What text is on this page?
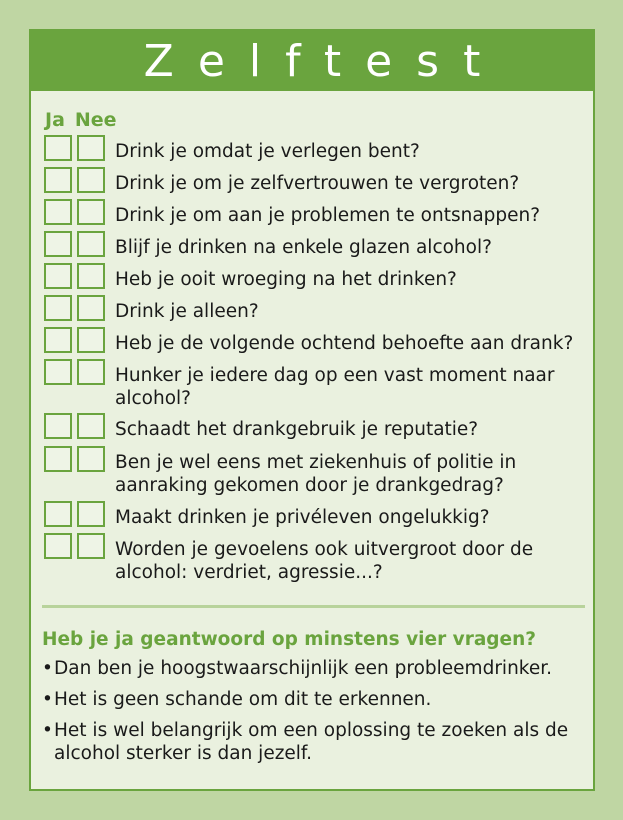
Zelftest
Ja Nee
Drink je omdat je verlegen bent?
Drink je om je zelfvertrouwen te vergroten?
Drink je om aan je problemen te ontsnappen?
Blijf je drinken na enkele glazen alcohol?
Heb je ooit wroeging na het drinken?
Drink je alleen?
Heb je de volgende ochtend behoefte aan drank?
Hunker je iedere dag op een vast moment naar alcohol?
Schaadt het drankgebruik je reputatie?
Ben je wel eens met ziekenhuis of politie in aanraking gekomen door je drankgedrag?
Maakt drinken je privéleven ongelukkig?
Worden je gevoelens ook uitvergroot door de alcohol: verdriet, agressie...?
Heb je ja geantwoord op minstens vier vragen?
• Dan ben je hoogstwaarschijnlijk een probleemdrinker.
• Het is geen schande om dit te erkennen.
• Het is wel belangrijk om een oplossing te zoeken als de alcohol sterker is dan jezelf.
